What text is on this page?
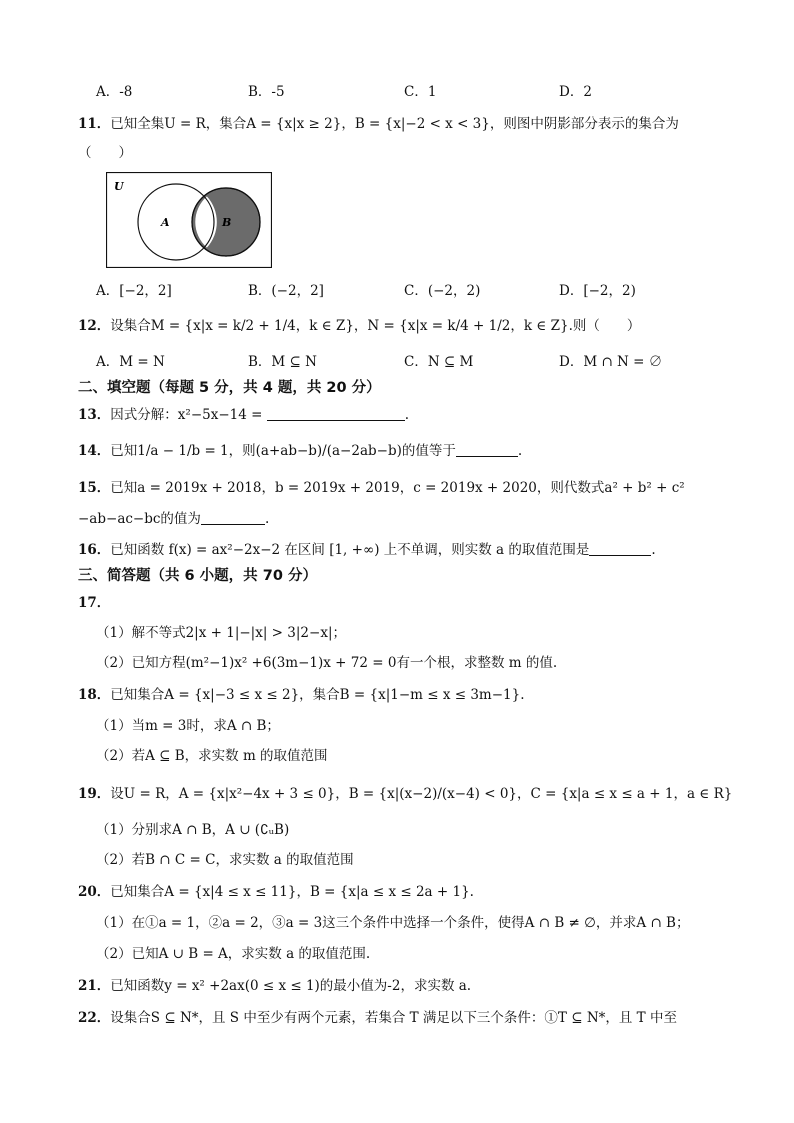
A．-8	B．-5	C．1	D．2
11．已知全集U = R，集合A = {x|x ≥ 2}，B = {x|−2 < x < 3}，则图中阴影部分表示的集合为
（　　）
U
A	B
A．[−2，2]	B．(−2，2]	C．(−2，2)	D．[−2，2)
12．设集合M = {x|x = k/2 + 1/4，k ∈ Z}，N = {x|x = k/4 + 1/2，k ∈ Z}.则（　　）
A．M = N	B．M ⊆ N	C．N ⊆ M	D．M ∩ N = ∅
二、填空题（每题 5 分，共 4 题，共 20 分）
13．因式分解：x²−5x−14 =	.
14．已知1/a − 1/b = 1，则(a+ab−b)/(a−2ab−b)的值等于	.
15．已知a = 2019x + 2018，b = 2019x + 2019，c = 2019x + 2020，则代数式a² + b² + c²
−ab−ac−bc的值为	.
16．已知函数 f(x) = ax²−2x−2 在区间 [1, +∞) 上不单调，则实数 a 的取值范围是	.
三、简答题（共 6 小题，共 70 分）
17．
（1）解不等式2|x + 1|−|x| > 3|2−x|；
（2）已知方程(m²−1)x² +6(3m−1)x + 72 = 0有一个根，求整数 m 的值.
18．已知集合A = {x|−3 ≤ x ≤ 2}，集合B = {x|1−m ≤ x ≤ 3m−1}.
（1）当m = 3时，求A ∩ B；
（2）若A ⊆ B，求实数 m 的取值范围
19．设U = R，A = {x|x²−4x + 3 ≤ 0}，B = {x|(x−2)/(x−4) < 0}，C = {x|a ≤ x ≤ a + 1，a ∈ R}
（1）分别求A ∩ B，A ∪ (∁ᵤB)
（2）若B ∩ C = C，求实数 a 的取值范围
20．已知集合A = {x|4 ≤ x ≤ 11}，B = {x|a ≤ x ≤ 2a + 1}.
（1）在①a = 1，②a = 2，③a = 3这三个条件中选择一个条件，使得A ∩ B ≠ ∅，并求A ∩ B；
（2）已知A ∪ B = A，求实数 a 的取值范围.
21．已知函数y = x² +2ax(0 ≤ x ≤ 1)的最小值为-2，求实数 a.
22．设集合S ⊆ N*，且 S 中至少有两个元素，若集合 T 满足以下三个条件：①T ⊆ N*，且 T 中至
